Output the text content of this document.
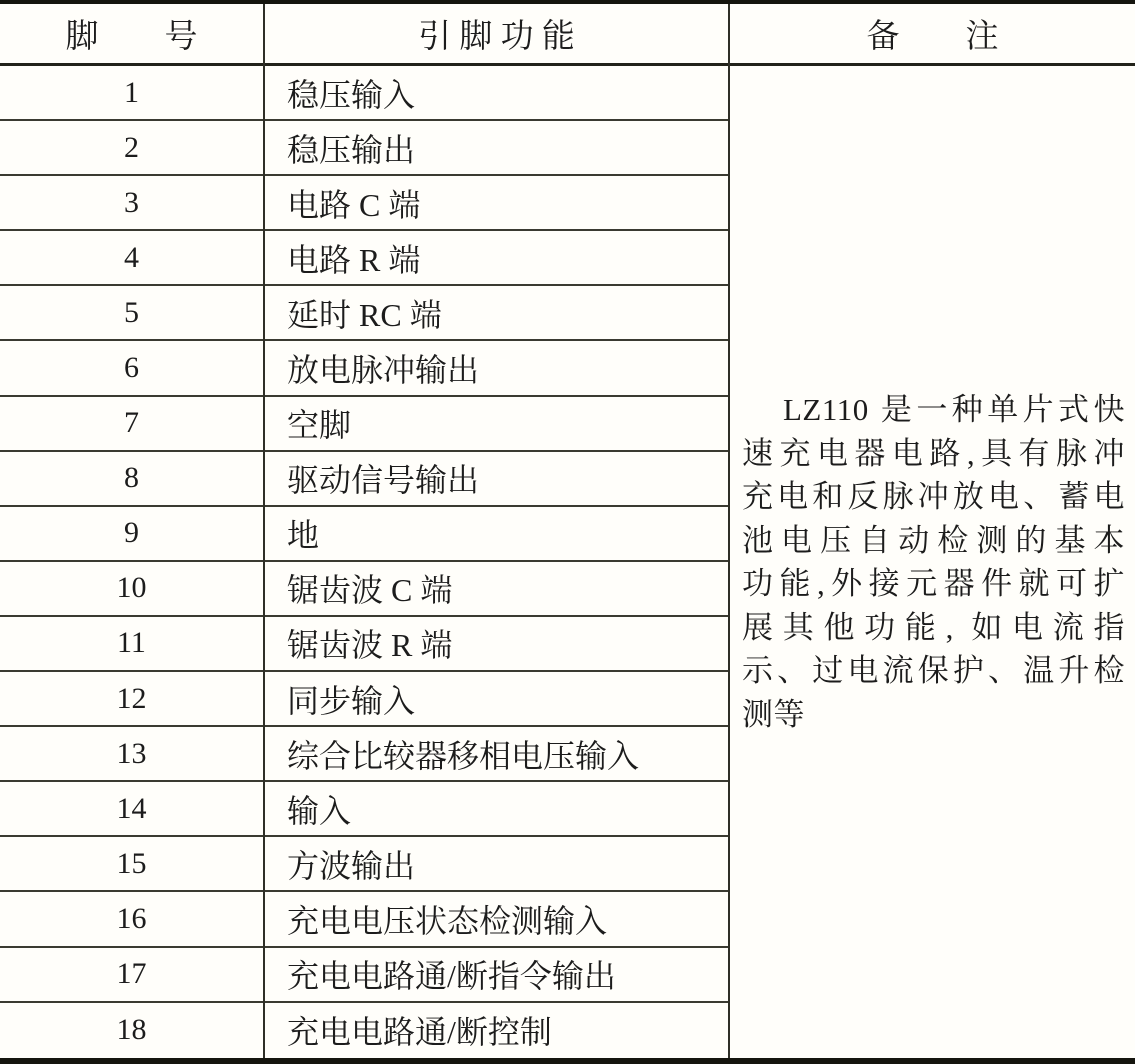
脚　　号
1
2
3
4
5
6
7
8
9
10
11
12
13
14
15
16
17
18
引 脚 功 能
稳压输入
稳压输出
电路 C 端
电路 R 端
延时 RC 端
放电脉冲输出
空脚
驱动信号输出
地
锯齿波 C 端
锯齿波 R 端
同步输入
综合比较器移相电压输入
输入
方波输出
充电电压状态检测输入
充电电路通/断指令输出
充电电路通/断控制
备　　注
LZ110 是一种单片式快
速充电器电路,具有脉冲
充电和反脉冲放电、蓄电
池电压自动检测的基本
功能,外接元器件就可扩
展其他功能, 如电流指
示、过电流保护、温升检
测等
